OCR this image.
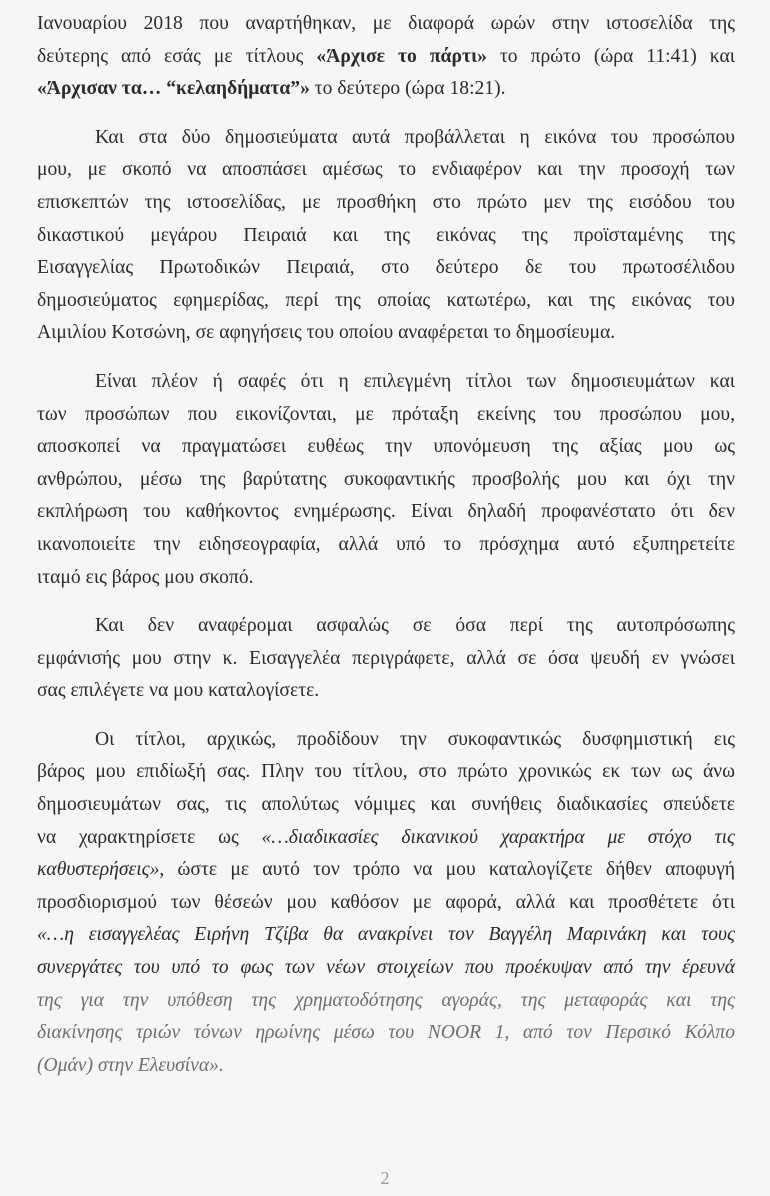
Ιανουαρίου 2018 που αναρτήθηκαν, με διαφορά ωρών στην ιστοσελίδα της
δεύτερης από εσάς με τίτλους «Άρχισε το πάρτι» το πρώτο (ώρα 11:41) και
«Άρχισαν τα… “κελαηδήματα”» το δεύτερο (ώρα 18:21).

Και στα δύο δημοσιεύματα αυτά προβάλλεται η εικόνα του προσώπου
μου, με σκοπό να αποσπάσει αμέσως το ενδιαφέρον και την προσοχή των
επισκεπτών της ιστοσελίδας, με προσθήκη στο πρώτο μεν της εισόδου του
δικαστικού μεγάρου Πειραιά και της εικόνας της προϊσταμένης της
Εισαγγελίας Πρωτοδικών Πειραιά, στο δεύτερο δε του πρωτοσέλιδου
δημοσιεύματος εφημερίδας, περί της οποίας κατωτέρω, και της εικόνας του
Αιμιλίου Κοτσώνη, σε αφηγήσεις του οποίου αναφέρεται το δημοσίευμα.

Είναι πλέον ή σαφές ότι η επιλεγμένη τίτλοι των δημοσιευμάτων και
των προσώπων που εικονίζονται, με πρόταξη εκείνης του προσώπου μου,
αποσκοπεί να πραγματώσει ευθέως την υπονόμευση της αξίας μου ως
ανθρώπου, μέσω της βαρύτατης συκοφαντικής προσβολής μου και όχι την
εκπλήρωση του καθήκοντος ενημέρωσης. Είναι δηλαδή προφανέστατο ότι δεν
ικανοποιείτε την ειδησεογραφία, αλλά υπό το πρόσχημα αυτό εξυπηρετείτε
ιταμό εις βάρος μου σκοπό.

Και δεν αναφέρομαι ασφαλώς σε όσα περί της αυτοπρόσωπης
εμφάνισής μου στην κ. Εισαγγελέα περιγράφετε, αλλά σε όσα ψευδή εν γνώσει
σας επιλέγετε να μου καταλογίσετε.

Οι τίτλοι, αρχικώς, προδίδουν την συκοφαντικώς δυσφημιστική εις
βάρος μου επιδίωξή σας. Πλην του τίτλου, στο πρώτο χρονικώς εκ των ως άνω
δημοσιευμάτων σας, τις απολύτως νόμιμες και συνήθεις διαδικασίες σπεύδετε
να χαρακτηρίσετε ως «…διαδικασίες δικανικού χαρακτήρα με στόχο τις
καθυστερήσεις», ώστε με αυτό τον τρόπο να μου καταλογίζετε δήθεν αποφυγή
προσδιορισμού των θέσεών μου καθόσον με αφορά, αλλά και προσθέτετε ότι
«…η εισαγγελέας Ειρήνη Τζίβα θα ανακρίνει τον Βαγγέλη Μαρινάκη και τους
συνεργάτες του υπό το φως των νέων στοιχείων που προέκυψαν από την έρευνά
της για την υπόθεση της χρηματοδότησης αγοράς, της μεταφοράς και της
διακίνησης τριών τόνων ηρωίνης μέσω του NOOR 1, από τον Περσικό Κόλπο
(Ομάν) στην Ελευσίνα».

2
